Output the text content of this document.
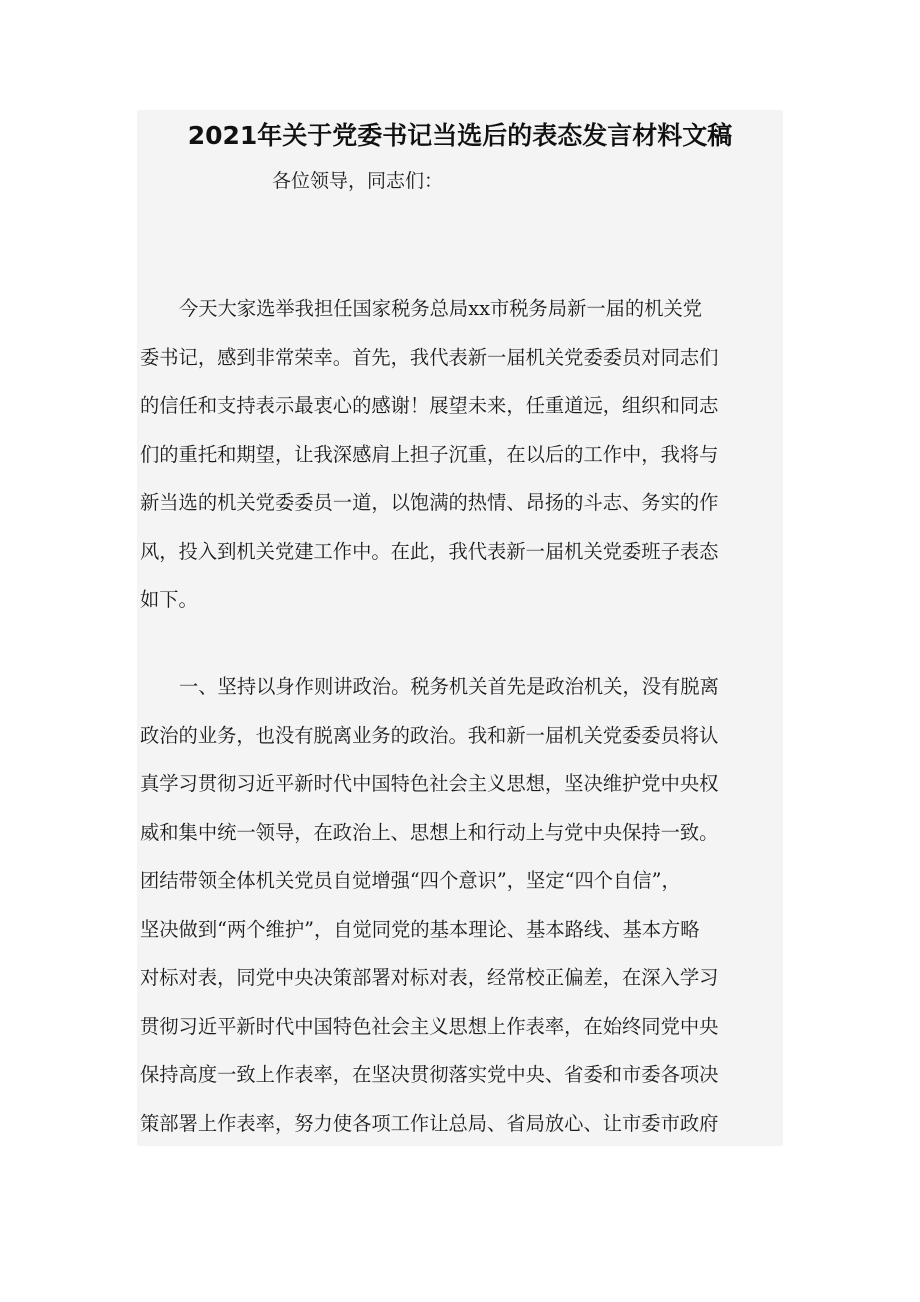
2021年关于党委书记当选后的表态发言材料文稿
各位领导，同志们：
今天大家选举我担任国家税务总局xx市税务局新一届的机关党
委书记，感到非常荣幸。首先，我代表新一届机关党委委员对同志们
的信任和支持表示最衷心的感谢！展望未来，任重道远，组织和同志
们的重托和期望，让我深感肩上担子沉重，在以后的工作中，我将与
新当选的机关党委委员一道，以饱满的热情、昂扬的斗志、务实的作
风，投入到机关党建工作中。在此，我代表新一届机关党委班子表态
如下。
一、坚持以身作则讲政治。税务机关首先是政治机关，没有脱离
政治的业务，也没有脱离业务的政治。我和新一届机关党委委员将认
真学习贯彻习近平新时代中国特色社会主义思想，坚决维护党中央权
威和集中统一领导，在政治上、思想上和行动上与党中央保持一致。
团结带领全体机关党员自觉增强“四个意识”，坚定“四个自信”，
坚决做到“两个维护”，自觉同党的基本理论、基本路线、基本方略
对标对表，同党中央决策部署对标对表，经常校正偏差，在深入学习
贯彻习近平新时代中国特色社会主义思想上作表率，在始终同党中央
保持高度一致上作表率，在坚决贯彻落实党中央、省委和市委各项决
策部署上作表率，努力使各项工作让总局、省局放心、让市委市政府
